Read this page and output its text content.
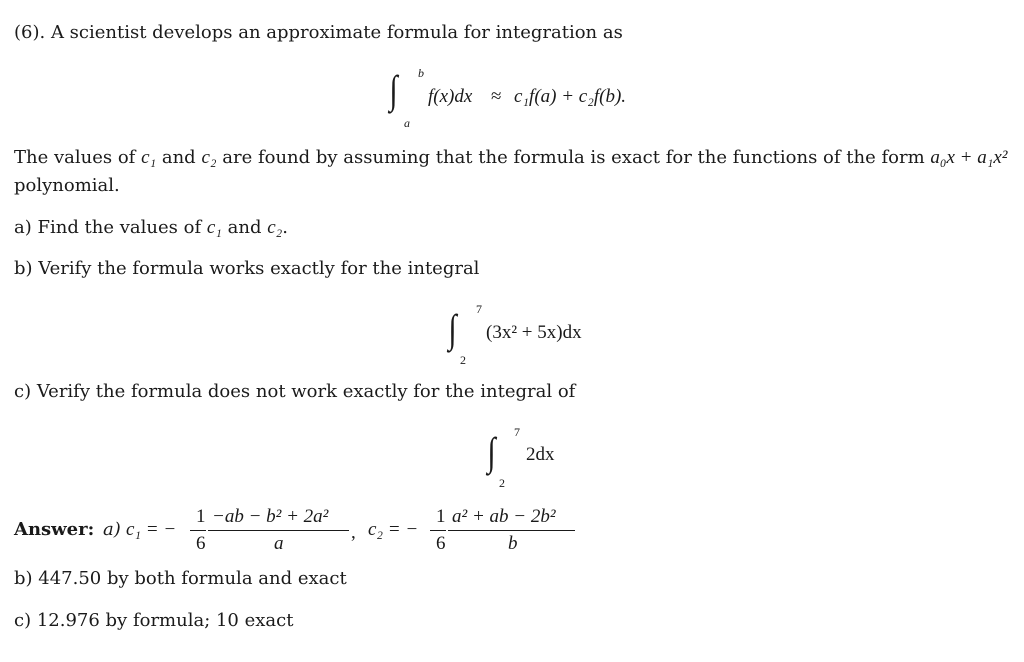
(6). A scientist develops an approximate formula for integration as
∫ b
a
f(x)dx ≈ c₁f(a) + c₂f(b).
The values of c₁ and c₂ are found by assuming that the formula is exact for the functions of the form a₀x + a₁x²
polynomial.
a) Find the values of c₁ and c₂.
b) Verify the formula works exactly for the integral
∫ 7
2
(3x² + 5x)dx
c) Verify the formula does not work exactly for the integral of
∫ 7
2
2dx
Answer: a) c₁ = −
1
6
−ab − b² + 2a²
a
, c₂ = −
1
6
a² + ab − 2b²
b
b) 447.50 by both formula and exact
c) 12.976 by formula; 10 exact
